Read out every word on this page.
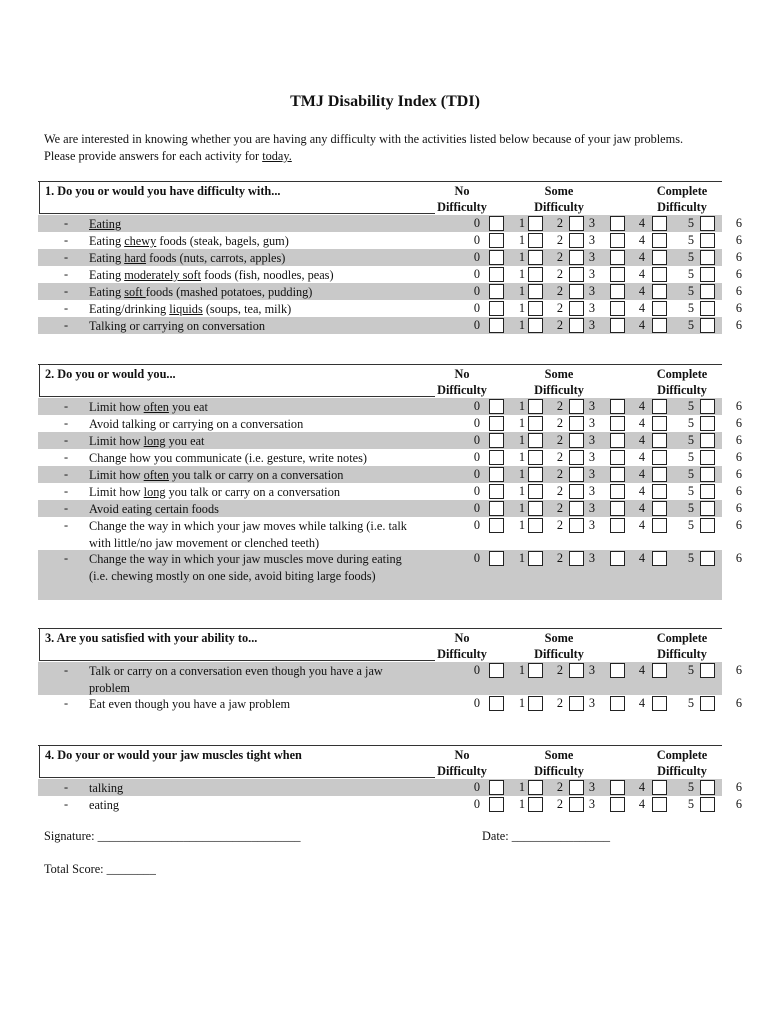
TMJ Disability Index (TDI)

We are interested in knowing whether you are having any difficulty with the activities listed below because of your jaw problems. Please provide answers for each activity for today.

1. Do you or would you have difficulty with...	No
Difficulty
Some
Difficulty
Complete
Difficulty
- Eating	0	1	2	3	4	5	6
- Eating chewy foods (steak, bagels, gum)	0	1	2	3	4	5	6
- Eating hard foods (nuts, carrots, apples)	0	1	2	3	4	5	6
- Eating moderately soft foods (fish, noodles, peas)	0	1	2	3	4	5	6
- Eating soft foods (mashed potatoes, pudding)	0	1	2	3	4	5	6
- Eating/drinking liquids (soups, tea, milk)	0	1	2	3	4	5	6
- Talking or carrying on conversation	0	1	2	3	4	5	6
2. Do you or would you...	No
Difficulty
Some
Difficulty
Complete
Difficulty
- Limit how often you eat	0	1	2	3	4	5	6
- Avoid talking or carrying on a conversation	0	1	2	3	4	5	6
- Limit how long you eat	0	1	2	3	4	5	6
- Change how you communicate (i.e. gesture, write notes)	0	1	2	3	4	5	6
- Limit how often you talk or carry on a conversation	0	1	2	3	4	5	6
- Limit how long you talk or carry on a conversation	0	1	2	3	4	5	6
- Avoid eating certain foods	0	1	2	3	4	5	6
- Change the way in which your jaw moves while talking (i.e. talk with little/no jaw movement or clenched teeth)
0	1	2	3	4	5	6
- Change the way in which your jaw muscles move during eating (i.e. chewing mostly on one side, avoid biting large foods)
0	1	2	3	4	5	6
3. Are you satisfied with your ability to...	No
Difficulty
Some
Difficulty
Complete
Difficulty
- Talk or carry on a conversation even though you have a jaw problem
0	1	2	3	4	5	6
- Eat even though you have a jaw problem	0	1	2	3	4	5	6
4. Do your or would your jaw muscles tight when	No
Difficulty
Some
Difficulty
Complete
Difficulty
- talking	0	1	2	3	4	5	6
- eating	0	1	2	3	4	5	6
Signature: _________________________________	Date: ________________
Total Score: ________
